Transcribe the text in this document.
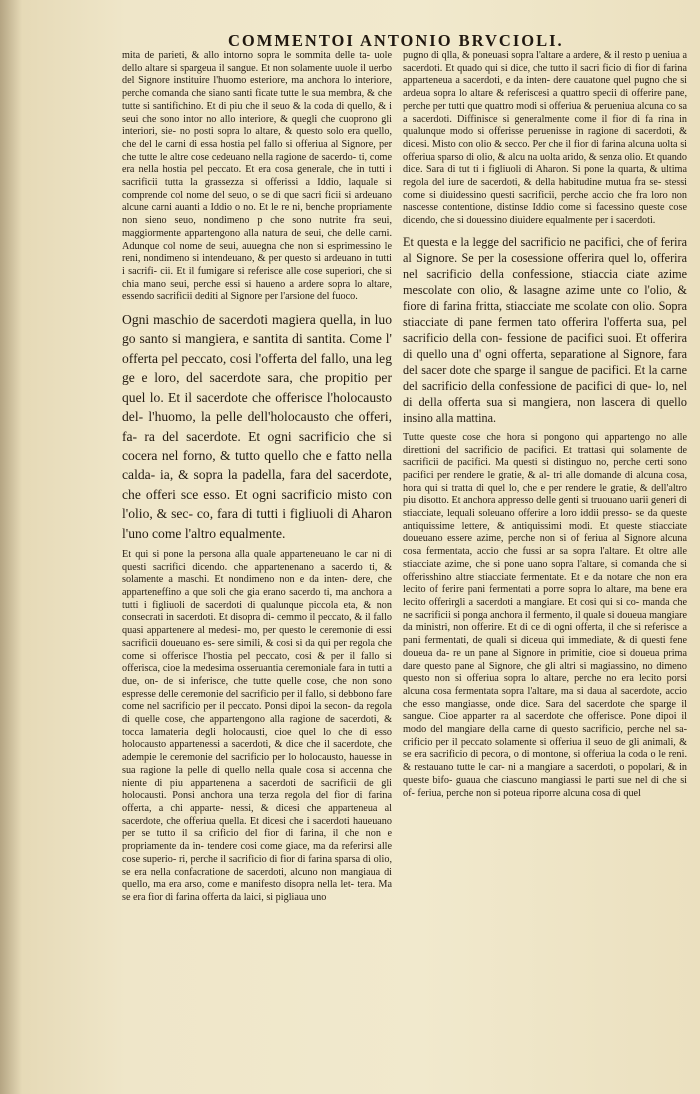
COMMENTOI ANTONIO BRVCIOLI.

mita de parieti, & allo intorno sopra le sommita delle ta- uole dello altare si spargeua il sangue. Et non solamente uuole il uerbo del Signore instituire l'huomo esteriore, ma anchora lo interiore, perche comanda che siano santi ficate tutte le sua membra, & che tutte si santifichino. Et di piu che il seuo & la coda di quello, & i seui che sono intor no allo interiore, & quegli che cuoprono gli interiori, sie- no posti sopra lo altare, & questo solo era quello, che del le carni di essa hostia pel fallo si offeriua al Signore, per che tutte le altre cose cedeuano nella ragione de sacerdo- ti, come era nella hostia pel peccato. Et era cosa generale, che in tutti i sacrificii tutta la grassezza si offerissi a Iddio, laquale si comprende col nome del seuo, o se di que sacri ficii si ardeuano alcune carni auanti a Iddio o no. Et le re ni, benche propriamente non sieno seuo, nondimeno p che sono nutrite fra seui, maggiormente appartengono alla natura de seui, che delle carni. Adunque col nome de seui, auuegna che non si esprimessino le reni, nondimeno si intendeuano, & per questo si ardeuano in tutti i sacrifi- cii. Et il fumigare si referisce alle cose superiori, che si chia mano seui, perche essi si haueno a ardere sopra lo altare, essendo sacrificii dediti al Signore per l'arsione del fuoco.

Ogni maschio de sacerdoti magiera quella, in luo go santo si mangiera, e santita di santita. Come l' offerta pel peccato, cosi l'offerta del fallo, una leg ge e loro, del sacerdote sara, che propitio per quel lo. Et il sacerdote che offerisce l'holocausto del- l'huomo, la pelle dell'holocausto che offeri, fa- ra del sacerdote. Et ogni sacrificio che si cocera nel forno, & tutto quello che e fatto nella calda- ia, & sopra la padella, fara del sacerdote, che offeri sce esso. Et ogni sacrificio misto con l'olio, & sec- co, fara di tutti i figliuoli di Aharon l'uno come l'altro equalmente.

Et qui si pone la persona alla quale apparteneuano le car ni di questi sacrifici dicendo. che appartenenano a sacerdo ti, & solamente a maschi. Et nondimeno non e da inten- dere, che apparteneffino a que soli che gia erano sacerdo ti, ma anchora a tutti i figliuoli de sacerdoti di qualunque piccola eta, & non consecrati in sacerdoti. Et disopra di- cemmo il peccato, & il fallo quasi appartenere al medesi- mo, per questo le ceremonie di essi sacrificii doueuano es- sere simili, & cosi si da qui per regola che come si offerisce l'hostia pel peccato, cosi & per il fallo si offerisca, cioe la medesima osseruantia ceremoniale fara in tutti a due, on- de si inferisce, che tutte quelle cose, che non sono espresse delle ceremonie del sacrificio per il fallo, si debbono fare come nel sacrificio per il peccato. Ponsi dipoi la secon- da regola di quelle cose, che appartengono alla ragione de sacerdoti, & tocca lamateria degli holocausti, cioe quel lo che di esso holocausto appartenessi a sacerdoti, & dice che il sacerdote, che adempie le ceremonie del sacrificio per lo holocausto, hauesse in sua ragione la pelle di quello nella quale cosa si accenna che niente di piu appartenena a sacerdoti de sacrificii de gli holocausti. Ponsi anchora una terza regola del fior di farina offerta, a chi apparte- nessi, & dicesi che apparteneua al sacerdote, che offeriua quella. Et dicesi che i sacerdoti haueuano per se tutto il sa crificio del fior di farina, il che non e propriamente da in- tendere cosi come giace, ma da referirsi alle cose superio- ri, perche il sacrificio di fior di farina sparsa di olio, se era nella confacratione de sacerdoti, alcuno non mangiaua di quello, ma era arso, come e manifesto disopra nella let- tera. Ma se era fior di farina offerta da laici, si pigliaua uno

pugno di qlla, & poneuasi sopra l'altare a ardere, & il resto p ueniua a sacerdoti. Et quado qui si dice, che tutto il sacri ficio di fior di farina apparteneua a sacerdoti, e da inten- dere cauatone quel pugno che si ardeua sopra lo altare & referiscesi a quattro specii di offerire pane, perche per tutti que quattro modi si offeriua & perueniua alcuna co sa a sacerdoti. Diffinisce si generalmente come il fior di fa rina in qualunque modo si offerisse peruenisse in ragione di sacerdoti, & dicesi. Misto con olio & secco. Per che il fior di farina alcuna uolta si offeriua sparso di olio, & alcu na uolta arido, & senza olio. Et quando dice. Sara di tut ti i figliuoli di Aharon. Si pone la quarta, & ultima regola del iure de sacerdoti, & della habitudine mutua fra se- stessi come si diuidessino questi sacrificii, perche accio che fra loro non nascesse contentione, distinse Iddio come si facessino queste cose dicendo, che si douessino diuidere equalmente per i sacerdoti.

Et questa e la legge del sacrificio ne pacifici, che of ferira al Signore. Se per la cosessione offerira quel lo, offerira nel sacrificio della confessione, stiaccia ciate azime mescolate con olio, & lasagne azime unte co l'olio, & fiore di farina fritta, stiacciate me scolate con olio. Sopra stiacciate di pane fermen tato offerira l'offerta sua, pel sacrificio della con- fessione de pacifici suoi. Et offerira di quello una d' ogni offerta, separatione al Signore, fara del sacer dote che sparge il sangue de pacifici. Et la carne del sacrificio della confessione de pacifici di que- lo, nel di della offerta sua si mangiera, non lascera di quello insino alla mattina.

Tutte queste cose che hora si pongono qui appartengo no alle direttioni del sacrificio de pacifici. Et trattasi qui solamente de sacrificii de pacifici. Ma questi si distinguo no, perche certi sono pacifici per rendere le gratie, & al- tri alle domande di alcuna cosa, hora qui si tratta di quel lo, che e per rendere le gratie, & dell'altro piu disotto. Et anchora appresso delle genti si truouano uarii generi di stiacciate, lequali soleuano offerire a loro iddii presso- se da queste antiquissime lettere, & antiquissimi modi. Et queste stiacciate doueuano essere azime, perche non si of feriua al Signore alcuna cosa fermentata, accio che fussi ar sa sopra l'altare. Et oltre alle stiacciate azime, che si pone uano sopra l'altare, si comanda che si offerisshino altre stiacciate fermentate. Et e da notare che non era lecito of ferire pani fermentati a porre sopra lo altare, ma bene era lecito offerirgli a sacerdoti a mangiare. Et cosi qui si co- manda che ne sacrificii si ponga anchora il fermento, il quale si doueua mangiare da ministri, non offerire. Et di ce di ogni offerta, il che si referisce a pani fermentati, de quali si diceua qui immediate, & di questi fene doueua da- re un pane al Signore in primitie, cioe si doueua prima dare questo pane al Signore, che gli altri si magiassino, no dimeno questo non si offeriua sopra lo altare, perche no era lecito porsi alcuna cosa fermentata sopra l'altare, ma si daua al sacerdote, accio che esso mangiasse, onde dice. Sara del sacerdote che sparge il sangue. Cioe apparter ra al sacerdote che offerisce. Pone dipoi il modo del mangiare della carne di questo sacrificio, perche nel sa- crificio per il peccato solamente si offeriua il seuo de gli animali, & se era sacrificio di pecora, o di montone, si offeriua la coda o le reni. & restauano tutte le car- ni a mangiare a sacerdoti, o popolari, & in queste bifo- guaua che ciascuno mangiassi le parti sue nel di che si of- feriua, perche non si poteua riporre alcuna cosa di quel
